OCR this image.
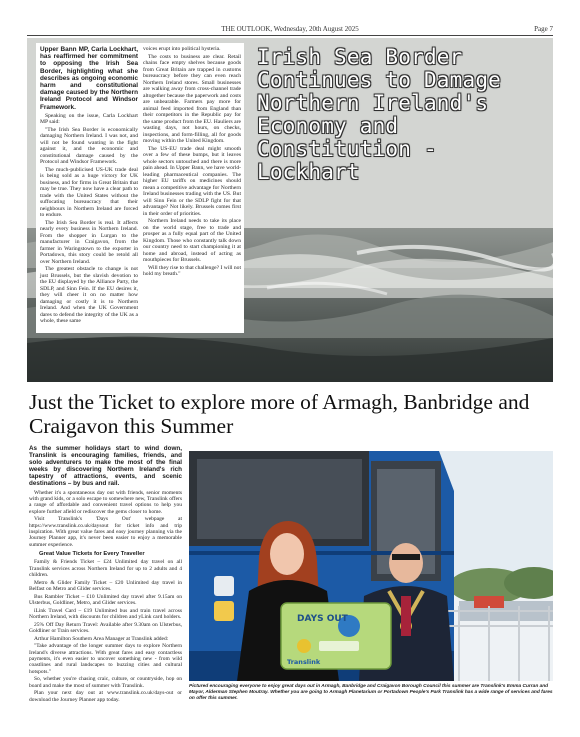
THE OUTLOOK, Wednesday, 20th August 2025	Page 7
Irish Sea Border Continues to Damage Northern Ireland's Economy and Constitution - Lockhart

Upper Bann MP, Carla Lockhart, has reaffirmed her commitment to opposing the Irish Sea Border, highlighting what she describes as ongoing economic harm and constitutional damage caused by the Northern Ireland Protocol and Windsor Framework.

Speaking on the issue, Carla Lockhart MP said:

"The Irish Sea Border is economically damaging Northern Ireland. I was not, and will not be found wanting in the fight against it, and the economic and constitutional damage caused by the Protocol and Windsor Framework.

The much-publicised US-UK trade deal is being sold as a huge victory for UK business, and for firms in Great Britain that may be true. They now have a clear path to trade with the United States without the suffocating bureaucracy that their neighbours in Northern Ireland are forced to endure.

The Irish Sea Border is real. It affects nearly every business in Northern Ireland. From the shopper in Lurgan to the manufacturer in Craigavon, from the farmer in Waringstown to the exporter in Portadown, this story could be retold all over Northern Ireland.

The greatest obstacle to change is not just Brussels, but the slavish devotion to the EU displayed by the Alliance Party, the SDLP, and Sinn Fein. If the EU desires it, they will cheer it on no matter how damaging or costly it is to Northern Ireland. And when the UK Government dares to defend the integrity of the UK as a whole, these same

voices erupt into political hysteria.

The costs to business are clear. Retail chains face empty shelves because goods from Great Britain are trapped in customs bureaucracy before they can even reach Northern Ireland stores. Small businesses are walking away from cross-channel trade altogether because the paperwork and costs are unbearable. Farmers pay more for animal feed imported from England than their competitors in the Republic pay for the same product from the EU. Hauliers are wasting days, not hours, on checks, inspections, and form-filling, all for goods moving within the United Kingdom.

The US-EU trade deal might smooth over a few of these bumps, but it leaves whole sectors untouched and there is more pain ahead. In Upper Bann, we have world-leading pharmaceutical companies. The higher EU tariffs on medicines should mean a competitive advantage for Northern Ireland businesses trading with the US. But will Sinn Fein or the SDLP fight for that advantage? Not likely. Brussels comes first in their order of priorities.

Northern Ireland needs to take its place on the world stage, free to trade and prosper as a fully equal part of the United Kingdom. Those who constantly talk down our country need to start championing it at home and abroad, instead of acting as mouthpieces for Brussels.

Will they rise to that challenge? I will not hold my breath."

Just the Ticket to explore more of Armagh, Banbridge and Craigavon this Summer

As the summer holidays start to wind down, Translink is encouraging families, friends, and solo adventurers to make the most of the final weeks by discovering Northern Ireland's rich tapestry of attractions, events, and scenic destinations – by bus and rail.

Whether it's a spontaneous day out with friends, senior moments with grand kids, or a solo escape to somewhere new, Translink offers a range of affordable and convenient travel options to help you explore further afield or rediscover the gems closer to home.

Visit Translink's 'Days Out' webpage at https://www.translink.co.uk/daysout for ticket info and trip inspiration. With great value fares and easy journey planning via the Journey Planner app, it's never been easier to enjoy a memorable summer experience.

Great Value Tickets for Every Traveller

Family & Friends Ticket – £24 Unlimited day travel on all Translink services across Northern Ireland for up to 2 adults and 4 children.

Metro & Glider Family Ticket – £20 Unlimited day travel in Belfast on Metro and Glider services.

Bus Rambler Ticket – £10 Unlimited day travel after 9.15am on Ulsterbus, Goldliner, Metro, and Glider services.

iLink Travel Card – £19 Unlimited bus and train travel across Northern Ireland, with discounts for children and yLink card holders.

25% Off Day Return Travel: Available after 9.30am on Ulsterbus, Goldliner or Train services.

Arthur Hamilton Southern Area Manager at Translink added:

"Take advantage of the longer summer days to explore Northern Ireland's diverse attractions. With great fares and easy contactless payments, it's even easier to uncover something new - from wild coastlines and rural landscapes to buzzing cities and cultural hotspots."

So, whether you're chasing craic, culture, or countryside, hop on board and make the most of summer with Translink.

Plan your next day out at www.translink.co.uk/days-out or download the Journey Planner app today.

DAYS OUT
Translink
Pictured encouraging everyone to enjoy great days out in Armagh, Banbridge and Craigavon Borough Council this summer are Translink's Emma Curran and Mayor, Alderman Stephen Moutray. Whether you are going to Armagh Planetarium or Portadown People's Park Translink has a wide range of services and fares on offer this summer.
